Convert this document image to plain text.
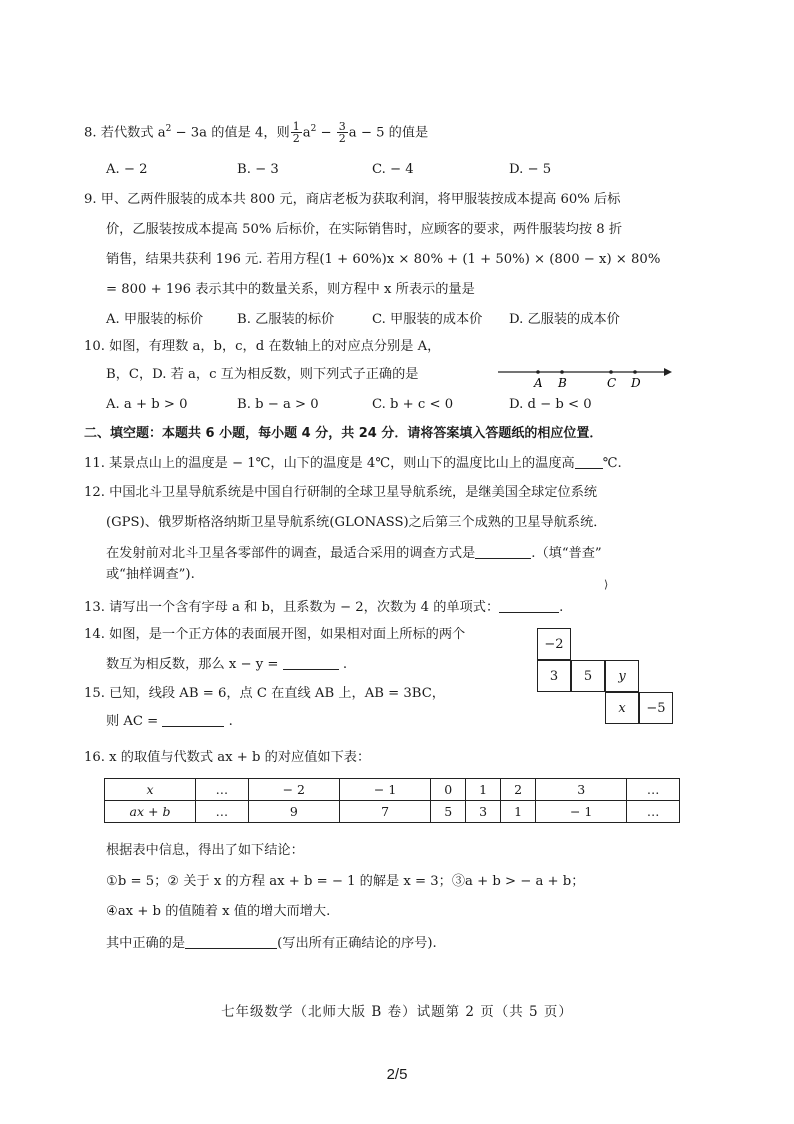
8. 若代数式 $a^2 - 3a$ 的值是 4，则 $\frac{1}{2} a^2 - \frac{3}{2}$ a − 5 的值是
A. − 2	B. − 3	C. − 4	D. − 5
9. 甲、乙两件服装的成本共 800 元，商店老板为获取利润，将甲服装按成本提高 60% 后标
价，乙服装按成本提高 50% 后标价，在实际销售时，应顾客的要求，两件服装均按 8 折
销售，结果共获利 196 元. 若用方程(1 + 60%)x × 80% + (1 + 50%) × (800 − x) × 80%
= 800 + 196 表示其中的数量关系，则方程中 x 所表示的量是
A. 甲服装的标价	B. 乙服装的标价	C. 甲服装的成本价 D. 乙服装的成本价
10. 如图，有理数 a，b，c，d 在数轴上的对应点分别是 A，
B，C，D. 若 a，c 互为相反数，则下列式子正确的是
A B	C D
A. a + b > 0	B. b − a > 0	C. b + c < 0	D. d − b < 0
二、填空题：本题共 6 小题，每小题 4 分，共 24 分．请将答案填入答题纸的相应位置．
11. 某景点山上的温度是 − 1℃，山下的温度是 4℃，则山下的温度比山上的温度高 ℃.
12. 中国北斗卫星导航系统是中国自行研制的全球卫星导航系统，是继美国全球定位系统
(GPS)、俄罗斯格洛纳斯卫星导航系统(GLONASS)之后第三个成熟的卫星导航系统．
在发射前对北斗卫星各零部件的调查，最适合采用的调查方式是	.（填“普查”
或“抽样调查”).
⟩
13. 请写出一个含有字母 a 和 b，且系数为 − 2，次数为 4 的单项式：	.
14. 如图，是一个正方体的表面展开图，如果相对面上所标的两个
数互为相反数，那么 x − y =	.
−2
3	5	y
x	−5
15. 已知，线段 AB = 6，点 C 在直线 AB 上，AB = 3BC，
则 AC =	.
16. x 的取值与代数式 ax + b 的对应值如下表：
x	…	− 2	− 1	0	1	2	3	…
ax + b	…	9	7	5	3	1	− 1	…
根据表中信息，得出了如下结论：
①b = 5；② 关于 x 的方程 ax + b = − 1 的解是 x = 3；③a + b > − a + b；
④ax + b 的值随着 x 值的增大而增大.
其中正确的是	(写出所有正确结论的序号).
七年级数学（北师大版 B 卷）试题第 2 页（共 5 页）
2/5
